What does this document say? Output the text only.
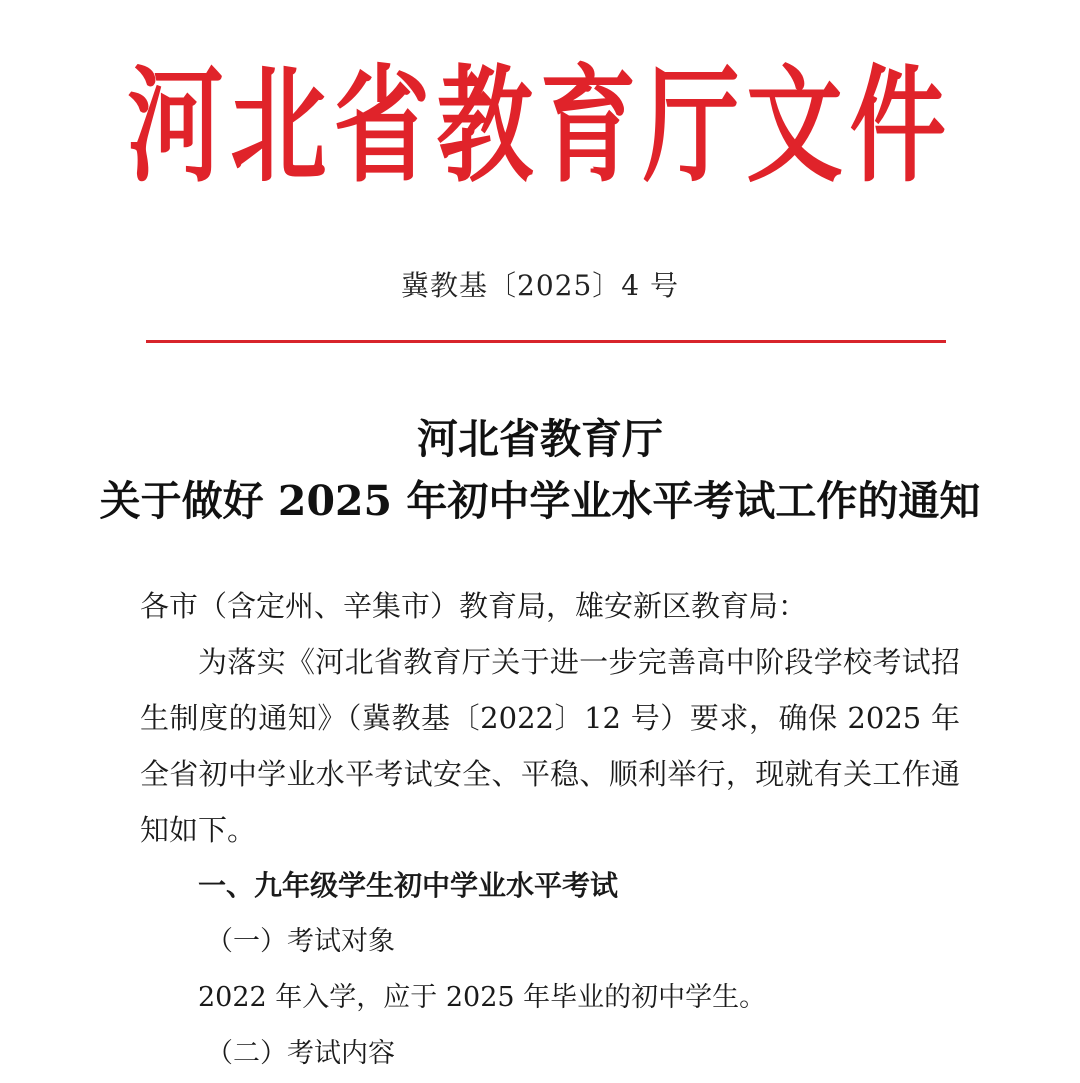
河北省教育厅文件
冀教基〔2025〕4 号
河北省教育厅
关于做好 2025 年初中学业水平考试工作的通知

各市（含定州、辛集市）教育局，雄安新区教育局：

为落实《河北省教育厅关于进一步完善高中阶段学校考试招生制度的通知》（冀教基〔2022〕12 号）要求，确保 2025 年全省初中学业水平考试安全、平稳、顺利举行，现就有关工作通知如下。

一、九年级学生初中学业水平考试

（一）考试对象

2022 年入学，应于 2025 年毕业的初中学生。

（二）考试内容
